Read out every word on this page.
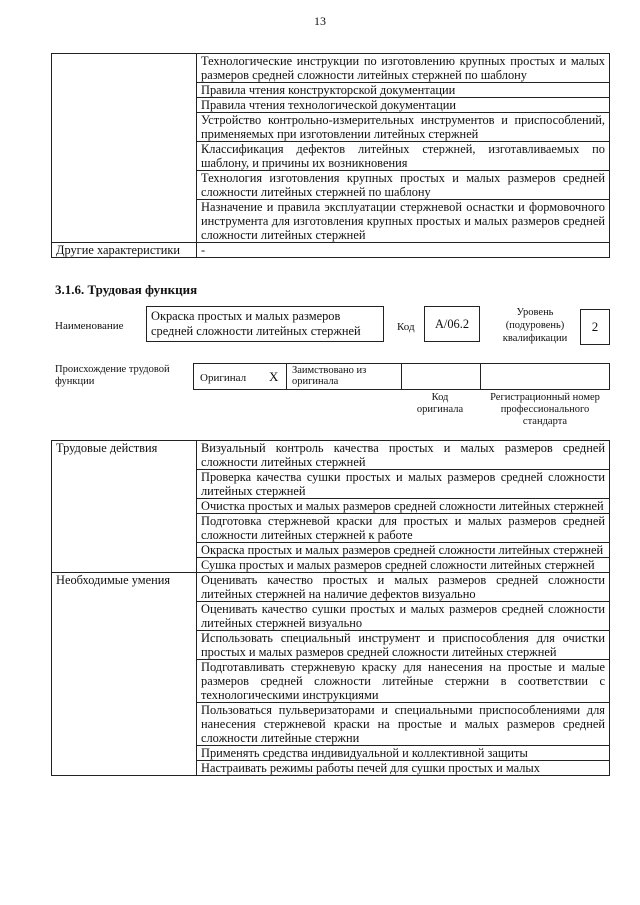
13
	Технологические инструкции по изготовлению крупных простых и малых размеров средней сложности литейных стержней по шаблону
	Правила чтения конструкторской документации
	Правила чтения технологической документации
	Устройство контрольно-измерительных инструментов и приспособлений, применяемых при изготовлении литейных стержней
	Классификация дефектов литейных стержней, изготавливаемых по шаблону, и причины их возникновения
	Технология изготовления крупных простых и малых размеров средней сложности литейных стержней по шаблону
	Назначение и правила эксплуатации стержневой оснастки и формовочного инструмента для изготовления крупных простых и малых размеров средней сложности литейных стержней
Другие характеристики	-
3.1.6. Трудовая функция
Наименование
Окраска простых и малых размеров средней сложности литейных стержней	Код	A/06.2
Уровень (подуровень) квалификации
2
Происхождение трудовой функции	Оригинал X Заимствовано из оригинала
Код оригинала
Регистрационный номер профессионального стандарта
Трудовые действия	Визуальный контроль качества простых и малых размеров средней сложности литейных стержней
	Проверка качества сушки простых и малых размеров средней сложности литейных стержней
	Очистка простых и малых размеров средней сложности литейных стержней
	Подготовка стержневой краски для простых и малых размеров средней сложности литейных стержней к работе
	Окраска простых и малых размеров средней сложности литейных стержней
	Сушка простых и малых размеров средней сложности литейных стержней
Необходимые умения	Оценивать качество простых и малых размеров средней сложности литейных стержней на наличие дефектов визуально
	Оценивать качество сушки простых и малых размеров средней сложности литейных стержней визуально
	Использовать специальный инструмент и приспособления для очистки простых и малых размеров средней сложности литейных стержней
	Подготавливать стержневую краску для нанесения на простые и малые размеров средней сложности литейные стержни в соответствии с технологическими инструкциями
	Пользоваться пульверизаторами и специальными приспособлениями для нанесения стержневой краски на простые и малых размеров средней сложности литейные стержни
	Применять средства индивидуальной и коллективной защиты
	Настраивать режимы работы печей для сушки простых и малых
